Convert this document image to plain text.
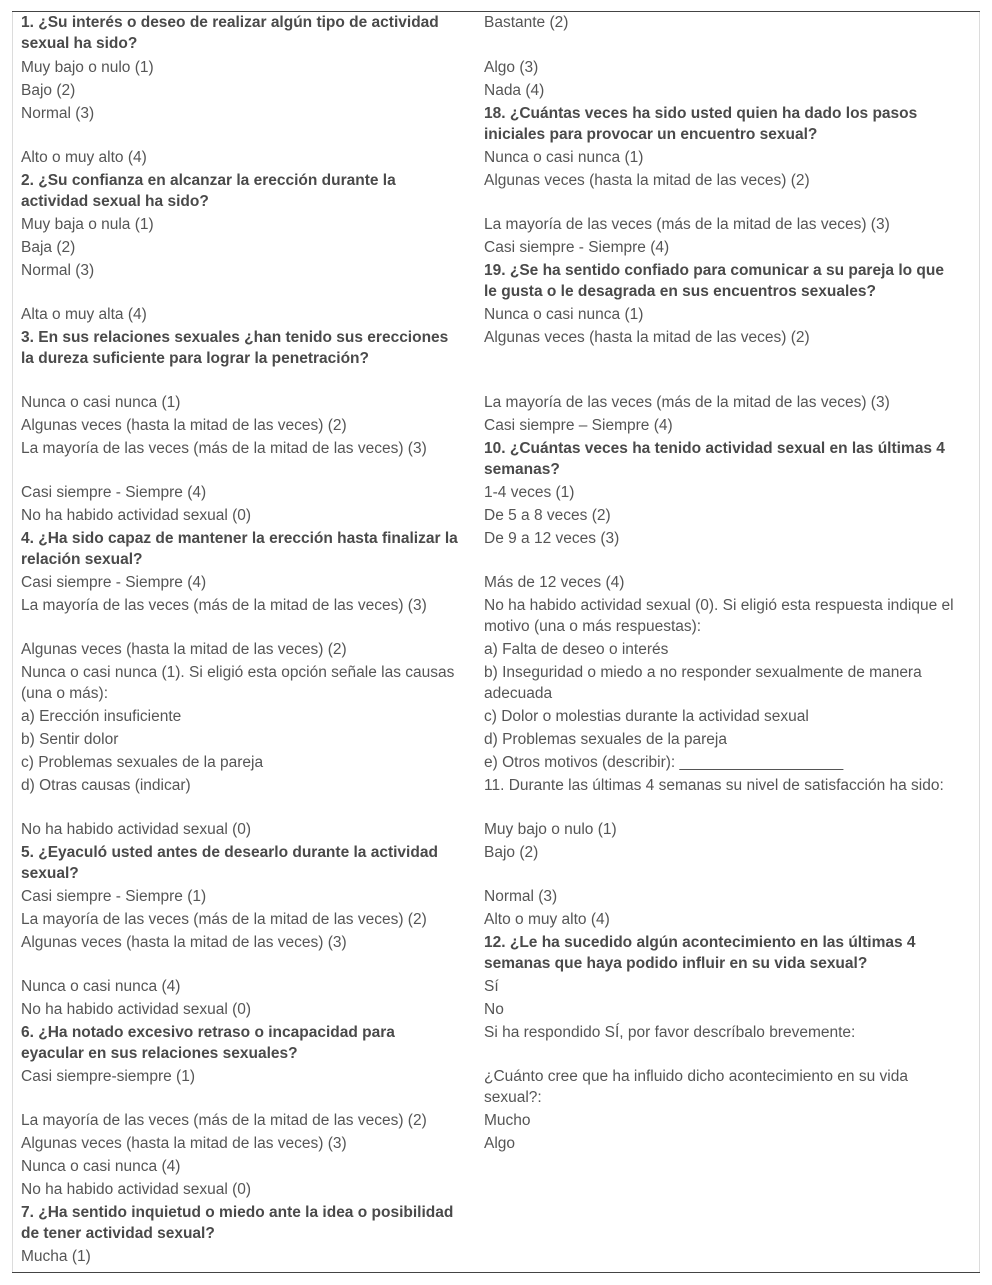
1. ¿Su interés o deseo de realizar algún tipo de actividad sexual ha sido?
Muy bajo o nulo (1)
Bajo (2)
Normal (3)
Alto o muy alto (4)
2. ¿Su confianza en alcanzar la erección durante la actividad sexual ha sido?
Muy baja o nula (1)
Baja (2)
Normal (3)
Alta o muy alta (4)
3. En sus relaciones sexuales ¿han tenido sus erecciones la dureza suficiente para lograr la penetración?
Nunca o casi nunca (1)
Algunas veces (hasta la mitad de las veces) (2)
La mayoría de las veces (más de la mitad de las veces) (3)
Casi siempre - Siempre (4)
No ha habido actividad sexual (0)
4. ¿Ha sido capaz de mantener la erección hasta finalizar la relación sexual?
Casi siempre - Siempre (4)
La mayoría de las veces (más de la mitad de las veces) (3)
Algunas veces (hasta la mitad de las veces) (2)
Nunca o casi nunca (1). Si eligió esta opción señale las causas (una o más):
a) Erección insuficiente
b) Sentir dolor
c) Problemas sexuales de la pareja
d) Otras causas (indicar)
No ha habido actividad sexual (0)
5. ¿Eyaculó usted antes de desearlo durante la actividad sexual?
Casi siempre - Siempre (1)
La mayoría de las veces (más de la mitad de las veces) (2)
Algunas veces (hasta la mitad de las veces) (3)
Nunca o casi nunca (4)
No ha habido actividad sexual (0)
6. ¿Ha notado excesivo retraso o incapacidad para eyacular en sus relaciones sexuales?
Casi siempre-siempre (1)
La mayoría de las veces (más de la mitad de las veces) (2)
Algunas veces (hasta la mitad de las veces) (3)
Nunca o casi nunca (4)
No ha habido actividad sexual (0)
7. ¿Ha sentido inquietud o miedo ante la idea o posibilidad de tener actividad sexual?
Mucha (1)
Bastante (2)
Algo (3)
Nada (4)
18. ¿Cuántas veces ha sido usted quien ha dado los pasos iniciales para provocar un encuentro sexual?
Nunca o casi nunca (1)
Algunas veces (hasta la mitad de las veces) (2)
La mayoría de las veces (más de la mitad de las veces) (3)
Casi siempre - Siempre (4)
19. ¿Se ha sentido confiado para comunicar a su pareja lo que le gusta o le desagrada en sus encuentros sexuales?
Nunca o casi nunca (1)
Algunas veces (hasta la mitad de las veces) (2)
La mayoría de las veces (más de la mitad de las veces) (3)
Casi siempre – Siempre (4)
10. ¿Cuántas veces ha tenido actividad sexual en las últimas 4 semanas?
1-4 veces (1)
De 5 a 8 veces (2)
De 9 a 12 veces (3)
Más de 12 veces (4)
No ha habido actividad sexual (0). Si eligió esta respuesta indique el motivo (una o más respuestas):
a) Falta de deseo o interés
b) Inseguridad o miedo a no responder sexualmente de manera adecuada
c) Dolor o molestias durante la actividad sexual
d) Problemas sexuales de la pareja
e) Otros motivos (describir): ___________________
11. Durante las últimas 4 semanas su nivel de satisfacción ha sido:
Muy bajo o nulo (1)
Bajo (2)
Normal (3)
Alto o muy alto (4)
12. ¿Le ha sucedido algún acontecimiento en las últimas 4 semanas que haya podido influir en su vida sexual?
Sí
No
Si ha respondido SÍ, por favor descríbalo brevemente:
¿Cuánto cree que ha influido dicho acontecimiento en su vida sexual?:
Mucho
Algo
